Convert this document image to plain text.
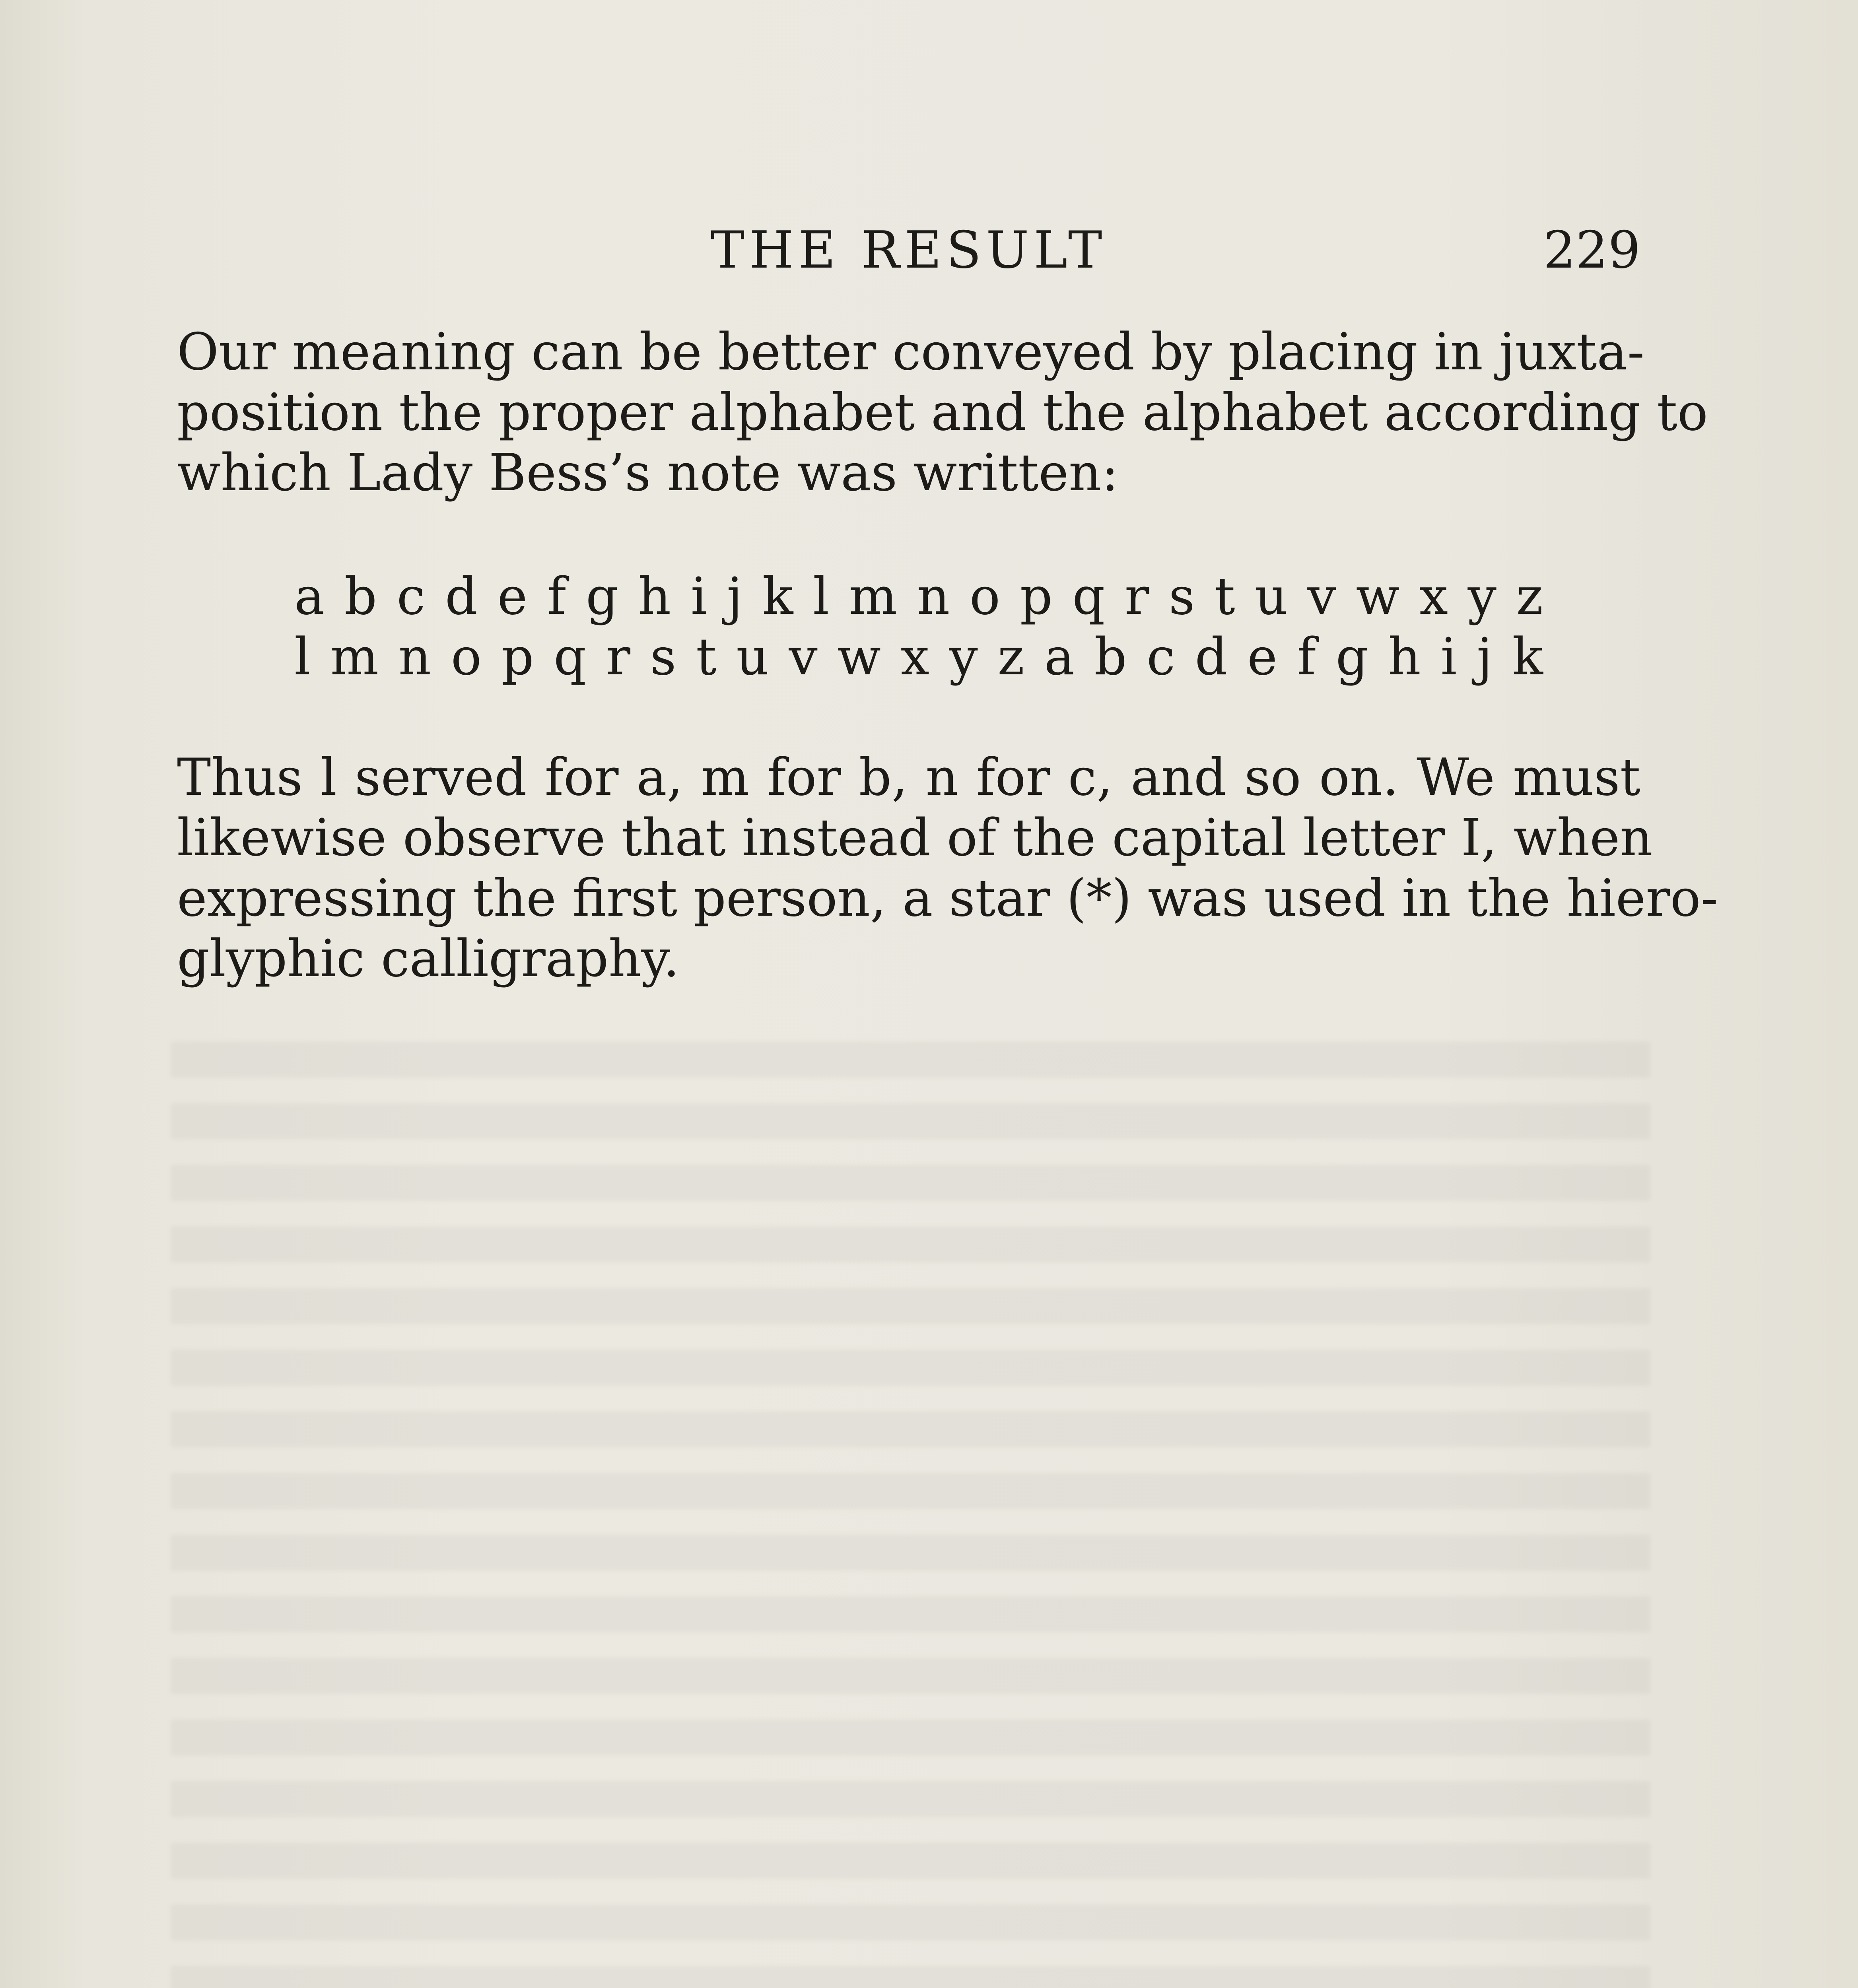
THE RESULT	229
Our meaning can be better conveyed by placing in juxta-
position the proper alphabet and the alphabet according to
which Lady Bess’s note was written:
a b c d e f g h i j k l m n o p q r s t u v w x y z
l m n o p q r s t u v w x y z a b c d e f g h i j k
Thus l served for a, m for b, n for c, and so on. We must
likewise observe that instead of the capital letter I, when
expressing the first person, a star (*) was used in the hiero-
glyphic calligraphy.
